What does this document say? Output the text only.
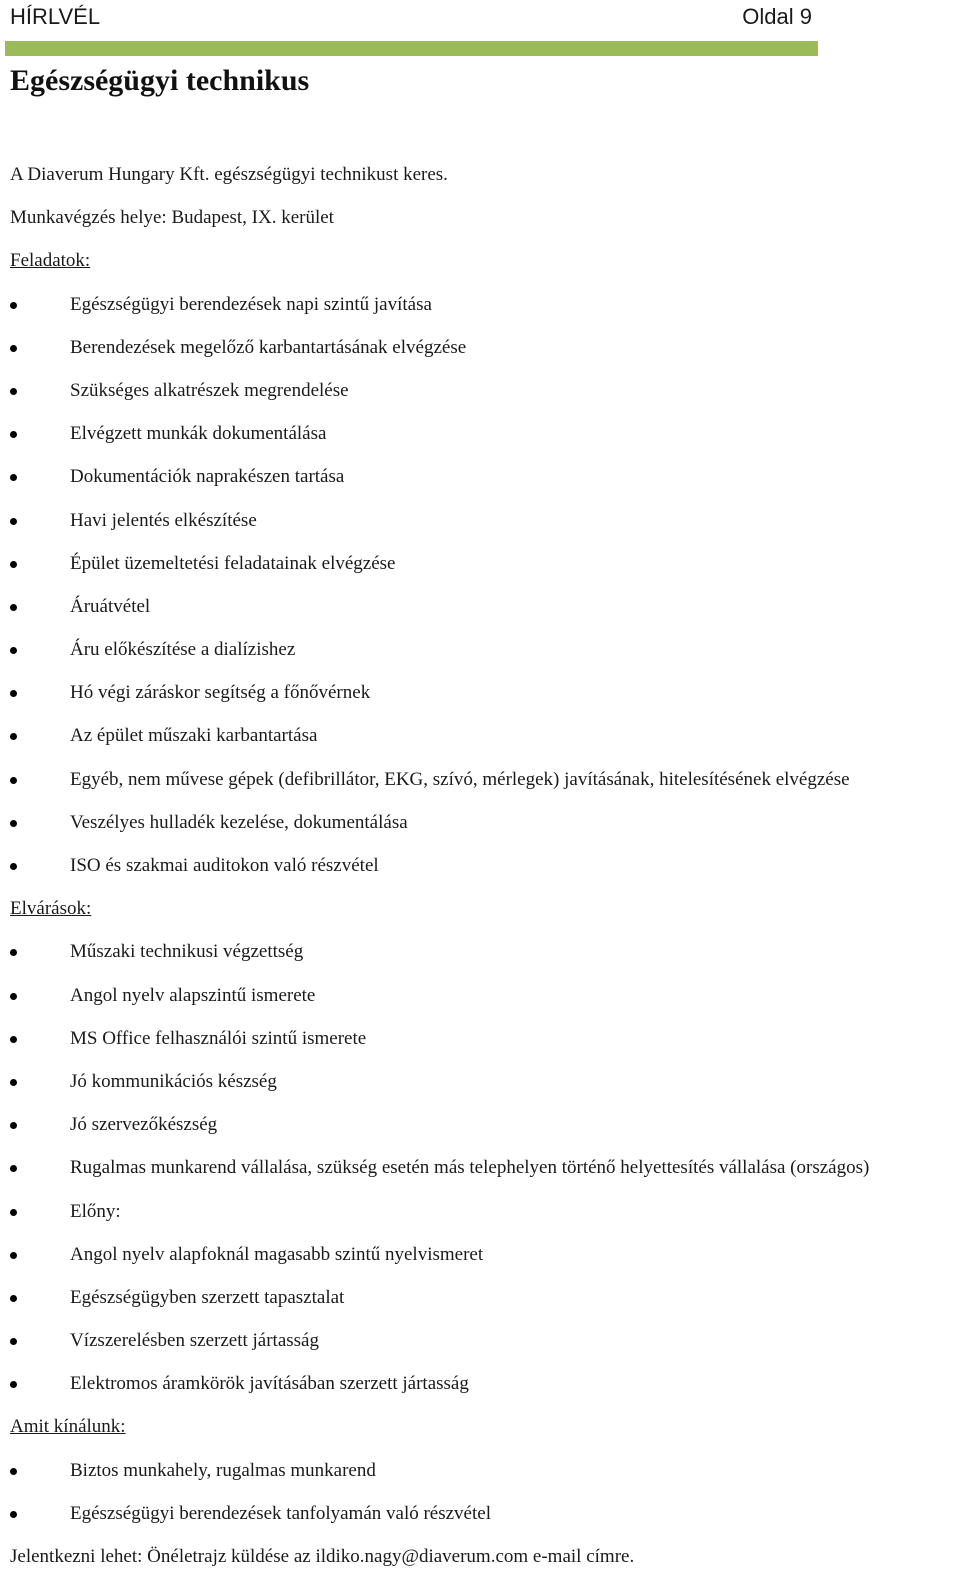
HÍRLVÉL	Oldal 9
Egészségügyi technikus
A Diaverum Hungary Kft. egészségügyi technikust keres.
Munkavégzés helye: Budapest, IX. kerület
Feladatok:
Egészségügyi berendezések napi szintű javítása
Berendezések megelőző karbantartásának elvégzése
Szükséges alkatrészek megrendelése
Elvégzett munkák dokumentálása
Dokumentációk naprakészen tartása
Havi jelentés elkészítése
Épület üzemeltetési feladatainak elvégzése
Áruátvétel
Áru előkészítése a dialízishez
Hó végi záráskor segítség a főnővérnek
Az épület műszaki karbantartása
Egyéb, nem művese gépek (defibrillátor, EKG, szívó, mérlegek) javításának, hitelesítésének elvégzése
Veszélyes hulladék kezelése, dokumentálása
ISO és szakmai auditokon való részvétel
Elvárások:
Műszaki technikusi végzettség
Angol nyelv alapszintű ismerete
MS Office felhasználói szintű ismerete
Jó kommunikációs készség
Jó szervezőkészség
Rugalmas munkarend vállalása, szükség esetén más telephelyen történő helyettesítés vállalása (országos)
Előny:
Angol nyelv alapfoknál magasabb szintű nyelvismeret
Egészségügyben szerzett tapasztalat
Vízszerelésben szerzett jártasság
Elektromos áramkörök javításában szerzett jártasság
Amit kínálunk:
Biztos munkahely, rugalmas munkarend
Egészségügyi berendezések tanfolyamán való részvétel
Jelentkezni lehet: Önéletrajz küldése az ildiko.nagy@diaverum.com e-mail címre.
